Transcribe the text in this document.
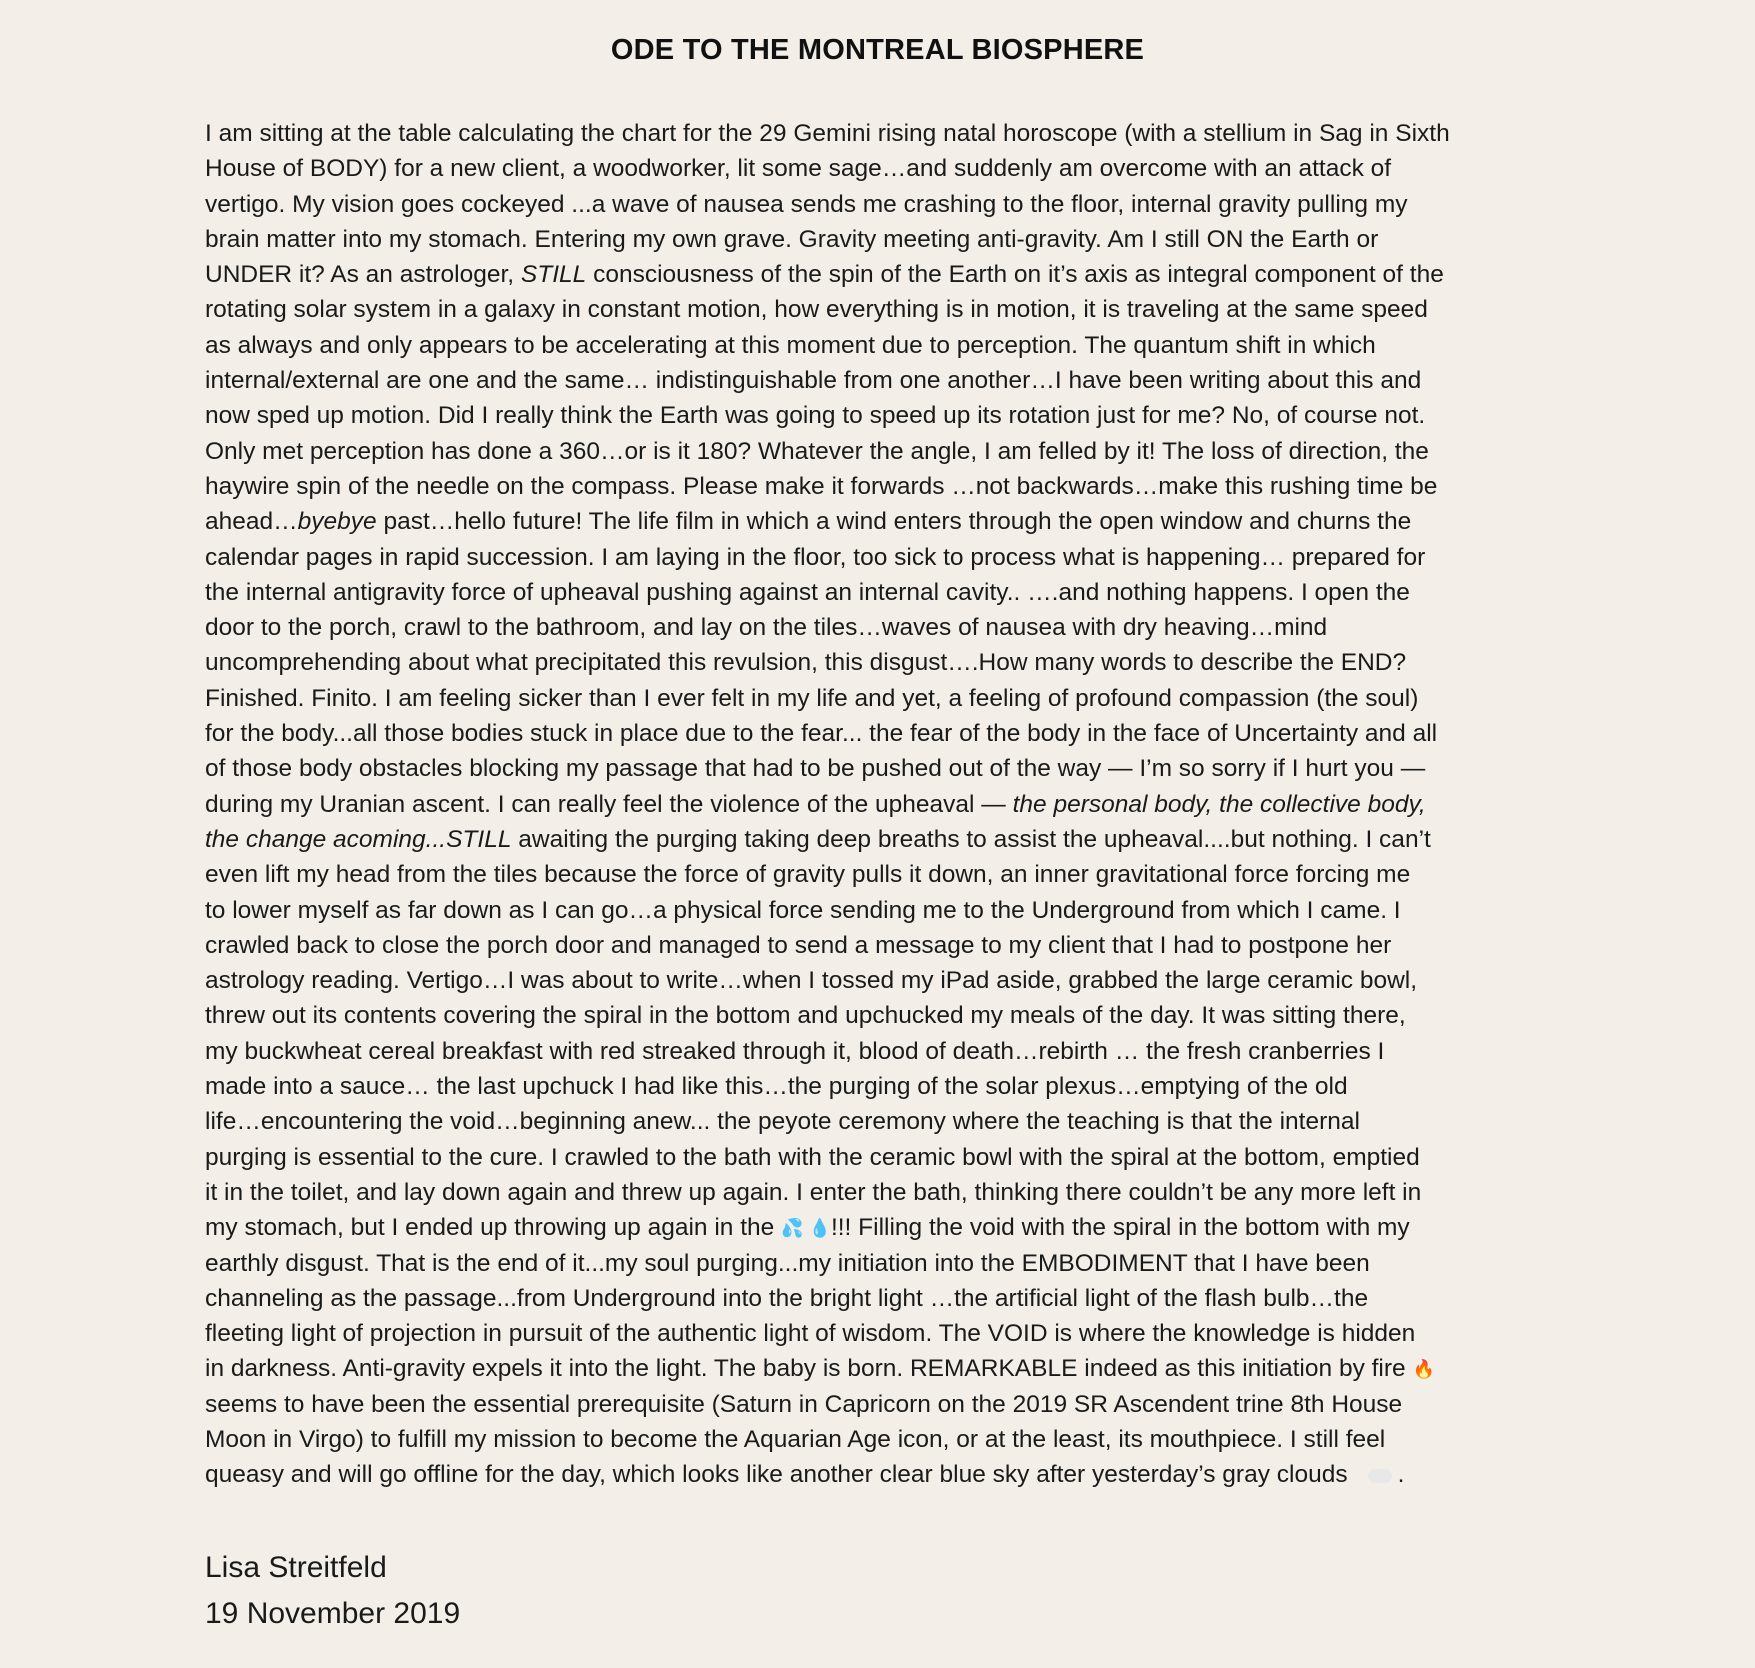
ODE TO THE MONTREAL BIOSPHERE
I am sitting at the table calculating the chart for the 29 Gemini rising natal horoscope (with a stellium in Sag in Sixth
House of BODY) for a new client, a woodworker, lit some sage…and suddenly am overcome with an attack of
vertigo. My vision goes cockeyed ...a wave of nausea sends me crashing to the floor, internal gravity pulling my
brain matter into my stomach. Entering my own grave. Gravity meeting anti-gravity. Am I still ON the Earth or
UNDER it? As an astrologer, STILL consciousness of the spin of the Earth on it’s axis as integral component of the
rotating solar system in a galaxy in constant motion, how everything is in motion, it is traveling at the same speed
as always and only appears to be accelerating at this moment due to perception. The quantum shift in which
internal/external are one and the same… indistinguishable from one another…I have been writing about this and
now sped up motion. Did I really think the Earth was going to speed up its rotation just for me? No, of course not.
Only met perception has done a 360…or is it 180? Whatever the angle, I am felled by it! The loss of direction, the
haywire spin of the needle on the compass. Please make it forwards …not backwards…make this rushing time be
ahead…byebye past…hello future! The life film in which a wind enters through the open window and churns the
calendar pages in rapid succession. I am laying in the floor, too sick to process what is happening… prepared for
the internal antigravity force of upheaval pushing against an internal cavity.. ….and nothing happens. I open the
door to the porch, crawl to the bathroom, and lay on the tiles…waves of nausea with dry heaving…mind
uncomprehending about what precipitated this revulsion, this disgust….How many words to describe the END?
Finished. Finito. I am feeling sicker than I ever felt in my life and yet, a feeling of profound compassion (the soul)
for the body...all those bodies stuck in place due to the fear... the fear of the body in the face of Uncertainty and all
of those body obstacles blocking my passage that had to be pushed out of the way — I’m so sorry if I hurt you —
during my Uranian ascent. I can really feel the violence of the upheaval — the personal body, the collective body,
the change acoming...STILL awaiting the purging taking deep breaths to assist the upheaval....but nothing. I can’t
even lift my head from the tiles because the force of gravity pulls it down, an inner gravitational force forcing me
to lower myself as far down as I can go…a physical force sending me to the Underground from which I came. I
crawled back to close the porch door and managed to send a message to my client that I had to postpone her
astrology reading. Vertigo…I was about to write…when I tossed my iPad aside, grabbed the large ceramic bowl,
threw out its contents covering the spiral in the bottom and upchucked my meals of the day. It was sitting there,
my buckwheat cereal breakfast with red streaked through it, blood of death…rebirth … the fresh cranberries I
made into a sauce… the last upchuck I had like this…the purging of the solar plexus…emptying of the old
life…encountering the void…beginning anew... the peyote ceremony where the teaching is that the internal
purging is essential to the cure. I crawled to the bath with the ceramic bowl with the spiral at the bottom, emptied
it in the toilet, and lay down again and threw up again. I enter the bath, thinking there couldn’t be any more left in
my stomach, but I ended up throwing up again in the 💦 💧!!! Filling the void with the spiral in the bottom with my
earthly disgust. That is the end of it...my soul purging...my initiation into the EMBODIMENT that I have been
channeling as the passage...from Underground into the bright light …the artificial light of the flash bulb…the
fleeting light of projection in pursuit of the authentic light of wisdom. The VOID is where the knowledge is hidden
in darkness. Anti-gravity expels it into the light. The baby is born. REMARKABLE indeed as this initiation by fire 🔥
seems to have been the essential prerequisite (Saturn in Capricorn on the 2019 SR Ascendent trine 8th House
Moon in Virgo) to fulfill my mission to become the Aquarian Age icon, or at the least, its mouthpiece. I still feel
queasy and will go offline for the day, which looks like another clear blue sky after yesterday’s gray clouds .
Lisa Streitfeld
19 November 2019
